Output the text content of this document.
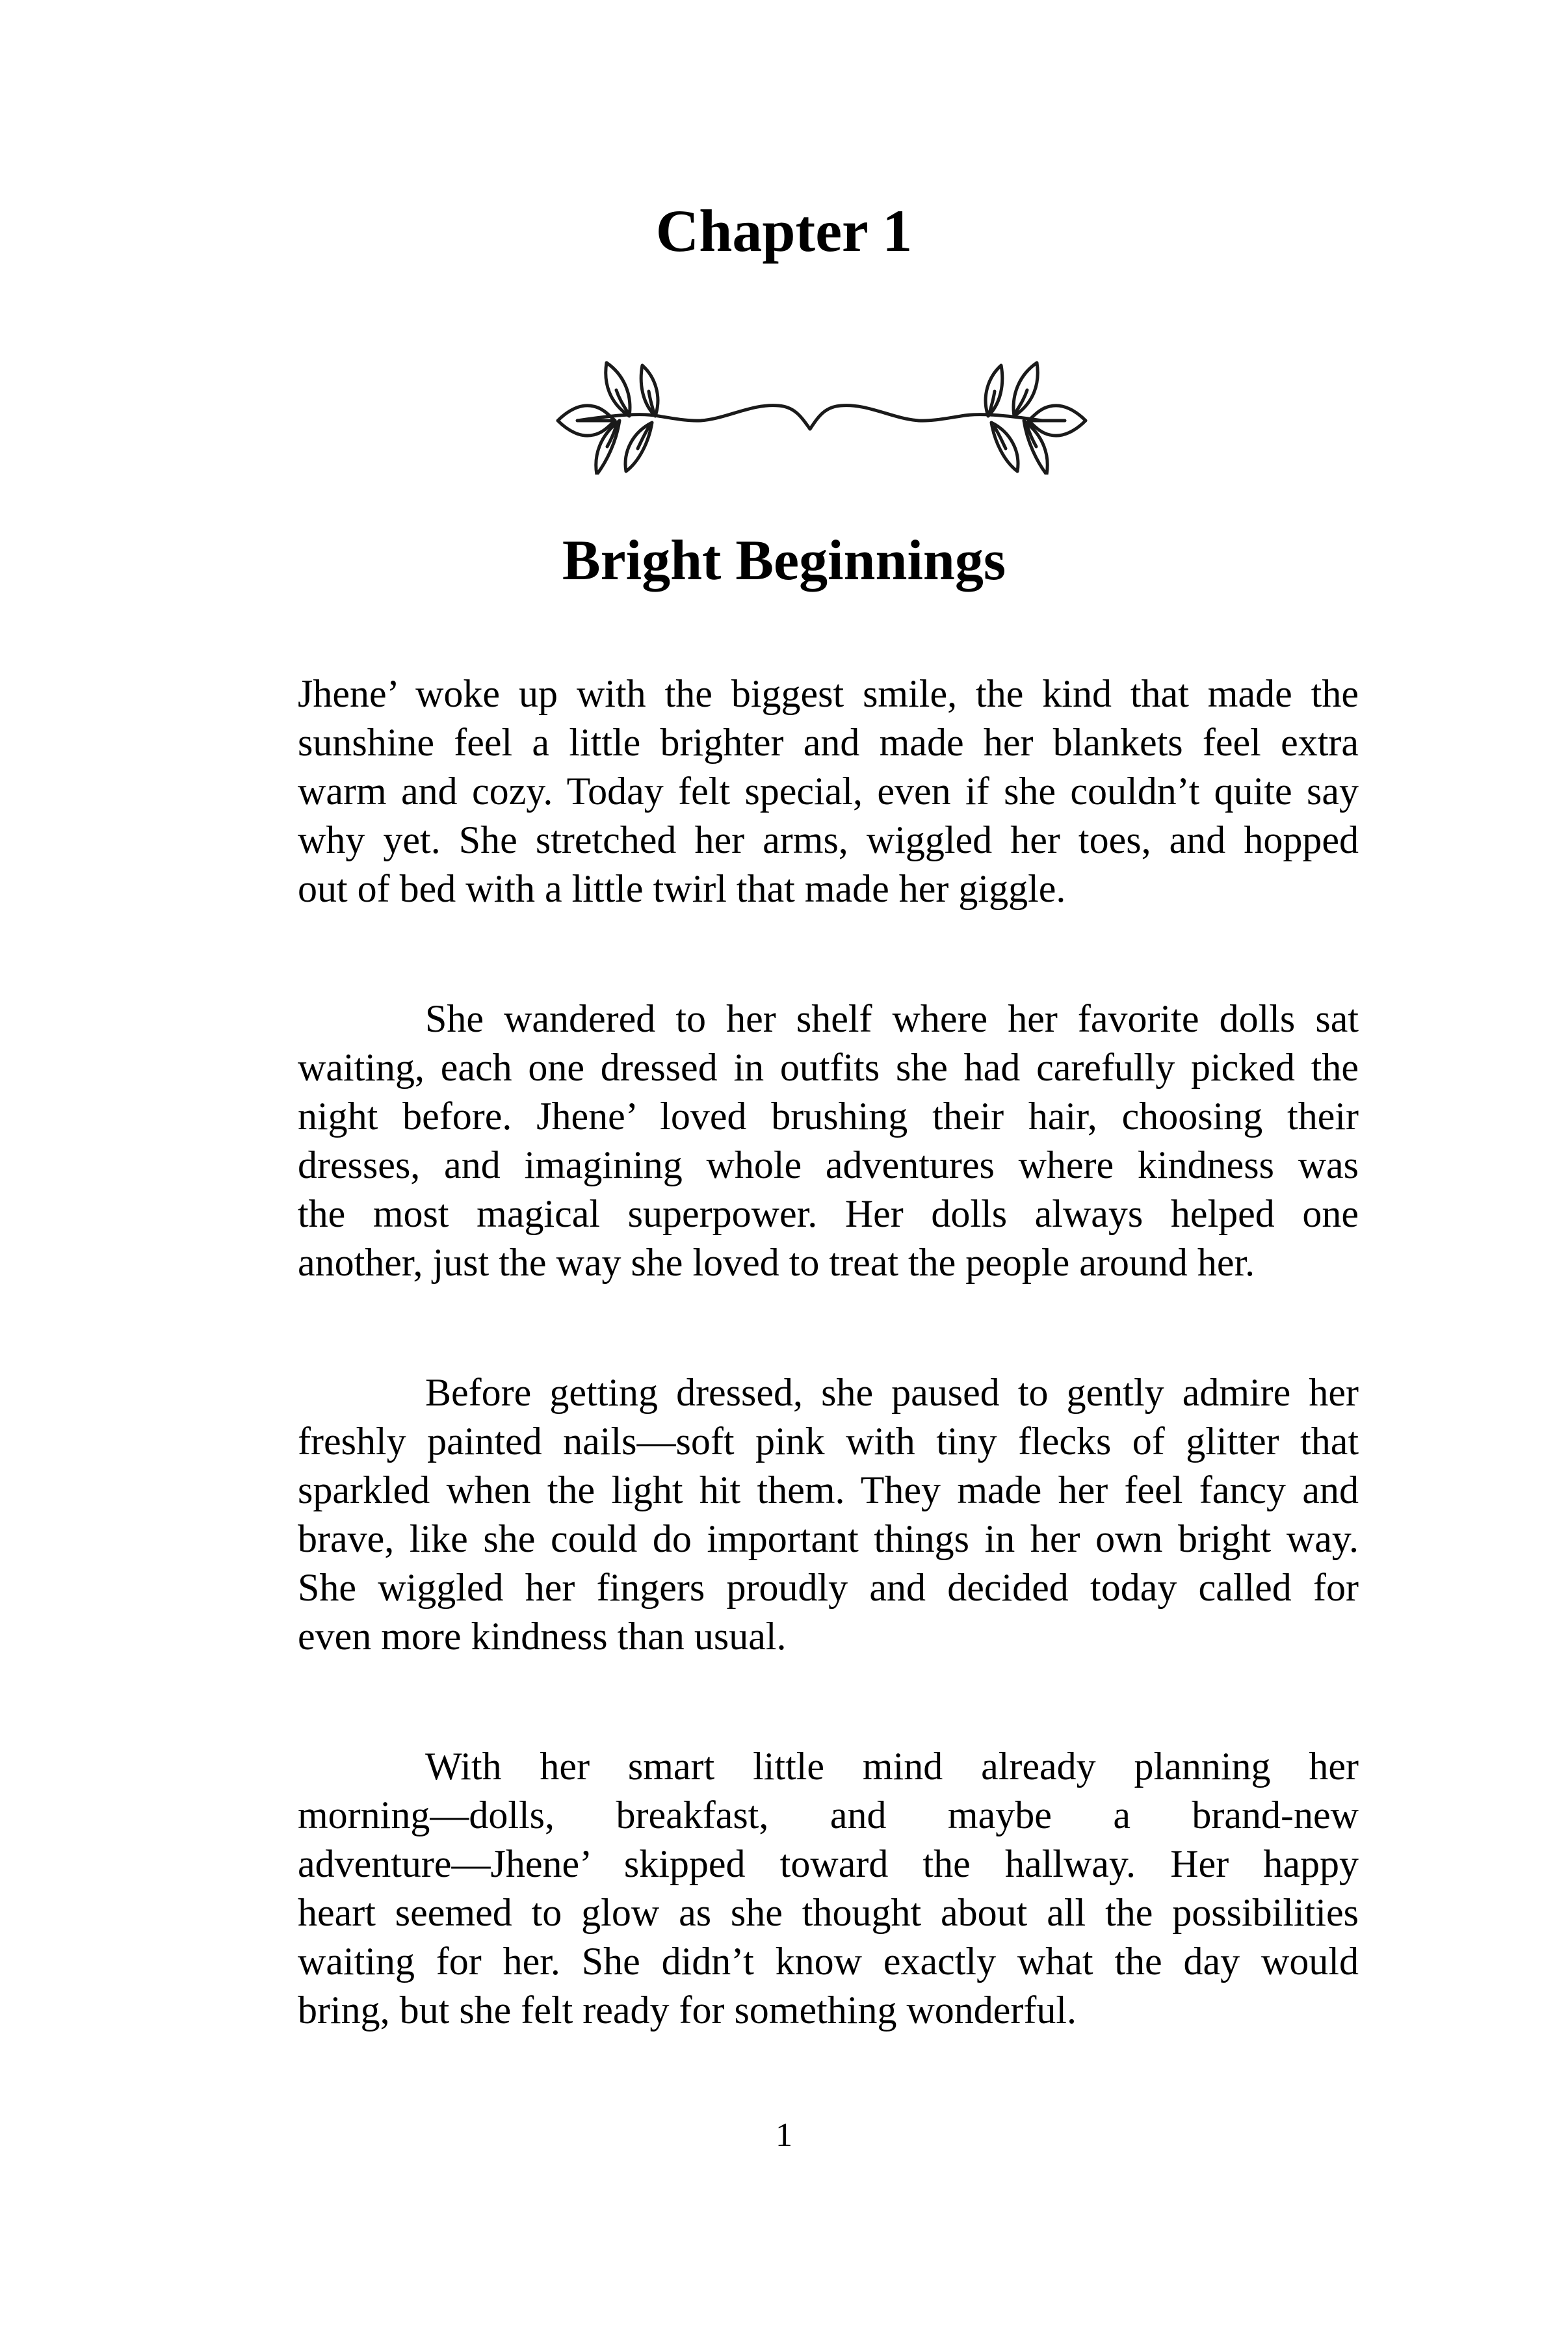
Chapter 1
Bright Beginnings

Jhene’ woke up with the biggest smile, the kind that made the
sunshine feel a little brighter and made her blankets feel extra
warm and cozy. Today felt special, even if she couldn’t quite say
why yet. She stretched her arms, wiggled her toes, and hopped
out of bed with a little twirl that made her giggle.

She wandered to her shelf where her favorite dolls sat
waiting, each one dressed in outfits she had carefully picked the
night before. Jhene’ loved brushing their hair, choosing their
dresses, and imagining whole adventures where kindness was
the most magical superpower. Her dolls always helped one
another, just the way she loved to treat the people around her.

Before getting dressed, she paused to gently admire her
freshly painted nails—soft pink with tiny flecks of glitter that
sparkled when the light hit them. They made her feel fancy and
brave, like she could do important things in her own bright way.
She wiggled her fingers proudly and decided today called for
even more kindness than usual.

With her smart little mind already planning her
morning—dolls, breakfast, and maybe a brand-new
adventure—Jhene’ skipped toward the hallway. Her happy
heart seemed to glow as she thought about all the possibilities
waiting for her. She didn’t know exactly what the day would
bring, but she felt ready for something wonderful.

1
